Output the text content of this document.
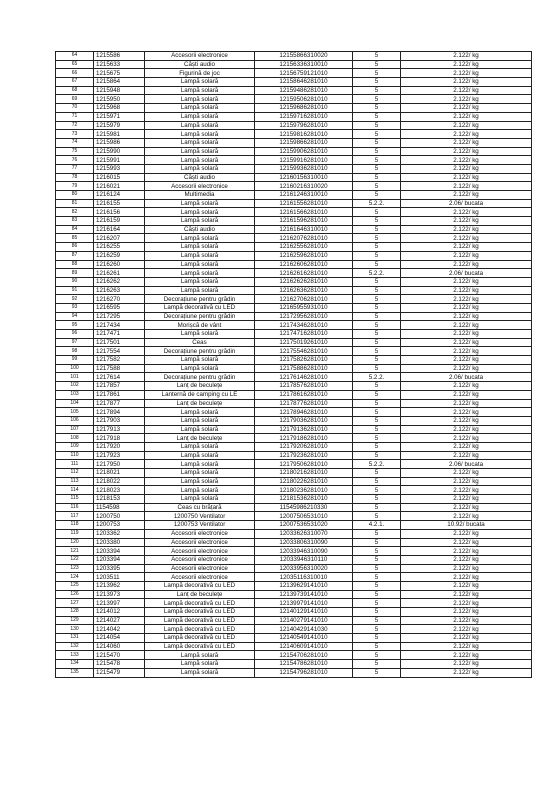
64	1215586	Accesorii electronice	12155866310020	5	2.122/ kg
65	1215633	Căști audio	12156336310010	5	2.122/ kg
66	1215675	Figurină de joc	12156759121010	5	2.122/ kg
67	1215864	Lampă solară	12158646281010	5	2.122/ kg
68	1215948	Lampă solară	12159486281010	5	2.122/ kg
69	1215950	Lampă solară	12159506281010	5	2.122/ kg
70	1215968	Lampă solară	12159686281010	5	2.122/ kg
71	1215971	Lampă solară	12159716281010	5	2.122/ kg
72	1215979	Lampă solară	12159796281010	5	2.122/ kg
73	1215981	Lampă solară	12159816281010	5	2.122/ kg
74	1215986	Lampă solară	12159866281010	5	2.122/ kg
75	1215990	Lampă solară	12159906281010	5	2.122/ kg
76	1215991	Lampă solară	12159916281010	5	2.122/ kg
77	1215993	Lampă solară	12159936281010	5	2.122/ kg
78	1216015	Căști audio	12160156310010	5	2.122/ kg
79	1216021	Accesorii electronice	12160216310020	5	2.122/ kg
80	1216124	Multimedia	12161246310010	5	2.122/ kg
81	1216155	Lampă solară	12161556281010	5.2.2.	2.06/ bucata
82	1216156	Lampă solară	12161566281010	5	2.122/ kg
83	1216159	Lampă solară	12161596281010	5	2.122/ kg
84	1216164	Căști audio	12161646310010	5	2.122/ kg
85	1216207	Lampă solară	12162076281010	5	2.122/ kg
86	1216255	Lampă solară	12162556281010	5	2.122/ kg
87	1216259	Lampă solară	12162596281010	5	2.122/ kg
88	1216260	Lampă solară	12162606281010	5	2.122/ kg
89	1216261	Lampă solară	12162616281010	5.2.2.	2.06/ bucata
90	1216262	Lampă solară	12162626281010	5	2.122/ kg
91	1216263	Lampă solară	12162636281010	5	2.122/ kg
92	1216270	Decorațiune pentru grădin	12162706281010	5	2.122/ kg
93	1216595	Lampă decorativă cu LED	12165955931010	5	2.122/ kg
94	1217295	Decorațiune pentru grădin	12172956281010	5	2.122/ kg
95	1217434	Morișcă de vânt	12174346281010	5	2.122/ kg
96	1217471	Lampă solară	12174716281010	5	2.122/ kg
97	1217501	Ceas	12175019261010	5	2.122/ kg
98	1217554	Decorațiune pentru grădin	12175546281010	5	2.122/ kg
99	1217582	Lampă solară	12175826281010	5	2.122/ kg
100	1217588	Lampă solară	12175886281010	5	2.122/ kg
101	1217614	Decorațiune pentru grădin	12176146281010	5.2.2.	2.06/ bucata
102	1217857	Lanț de beculețe	12178576281010	5	2.122/ kg
103	1217861	Lanternă de camping cu LE	12178616281010	5	2.122/ kg
104	1217877	Lanț de beculețe	12178776281010	5	2.122/ kg
105	1217894	Lampă solară	12178946281010	5	2.122/ kg
106	1217903	Lampă solară	12179036281010	5	2.122/ kg
107	1217913	Lampă solară	12179136281010	5	2.122/ kg
108	1217918	Lanț de beculețe	12179186281010	5	2.122/ kg
109	1217920	Lampă solară	12179206281010	5	2.122/ kg
110	1217923	Lampă solară	12179236281010	5	2.122/ kg
111	1217950	Lampă solară	12179506281010	5.2.2.	2.06/ bucata
112	1218021	Lampă solară	12180216281010	5	2.122/ kg
113	1218022	Lampă solară	12180226281010	5	2.122/ kg
114	1218023	Lampă solară	12180236281010	5	2.122/ kg
115	1218153	Lampă solară	12181536281010	5	2.122/ kg
116	1154598	Ceas cu brățară	11545986210330	5	2.122/ kg
117	1200750	1200750 Ventilator	12007506531010	5	2.122/ kg
118	1200753	1200753 Ventilator	12007536531020	4.2.1.	10.92/ bucata
119	1203362	Accesorii electronice	12033626310070	5	2.122/ kg
120	1203380	Accesorii electronice	12033806310090	5	2.122/ kg
121	1203394	Accesorii electronice	12033946310090	5	2.122/ kg
122	1203394	Accesorii electronice	12033946310110	5	2.122/ kg
123	1203395	Accesorii electronice	12033956310020	5	2.122/ kg
124	1203511	Accesorii electronice	12035116310010	5	2.122/ kg
125	1213962	Lampă decorativă cu LED	12139629141010	5	2.122/ kg
126	1213973	Lanț de beculețe	12139739141010	5	2.122/ kg
127	1213997	Lampă decorativă cu LED	12139979141010	5	2.122/ kg
128	1214012	Lampă decorativă cu LED	12140129141010	5	2.122/ kg
129	1214027	Lampă decorativă cu LED	12140279141010	5	2.122/ kg
130	1214042	Lampă decorativă cu LED	12140429141030	5	2.122/ kg
131	1214054	Lampă decorativă cu LED	12140549141010	5	2.122/ kg
132	1214060	Lampă decorativă cu LED	12140609141010	5	2.122/ kg
133	1215470	Lampă solară	12154706281010	5	2.122/ kg
134	1215478	Lampă solară	12154786281010	5	2.122/ kg
135	1215479	Lampă solară	12154796281010	5	2.122/ kg
